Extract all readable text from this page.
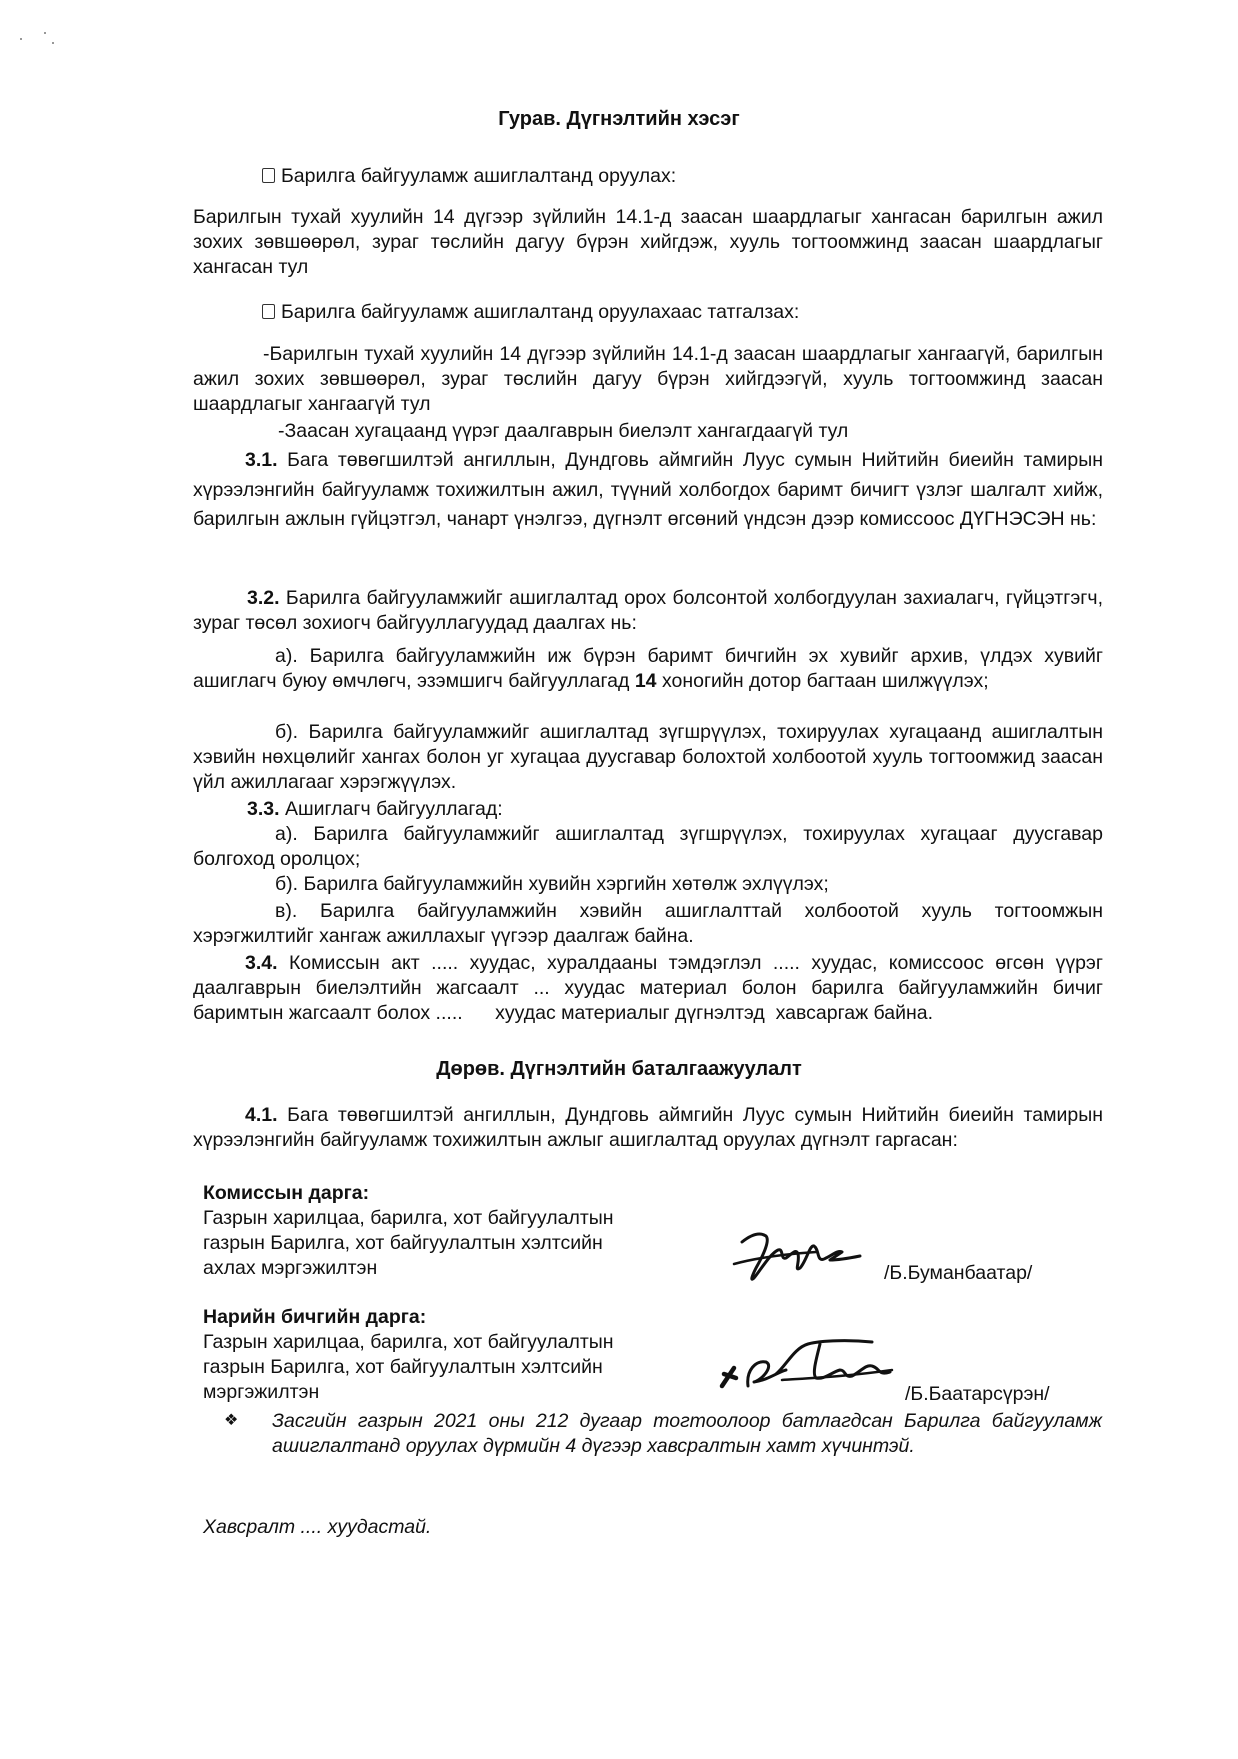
Гурав. Дүгнэлтийн хэсэг
Барилга байгууламж ашиглалтанд оруулах:
Барилгын тухай хуулийн 14 дүгээр зүйлийн 14.1-д заасан шаардлагыг хангасан барилгын ажил зохих зөвшөөрөл, зураг төслийн дагуу бүрэн хийгдэж, хууль тогтоомжинд заасан шаардлагыг хангасан тул
Барилга байгууламж ашиглалтанд оруулахаас татгалзах:
-Барилгын тухай хуулийн 14 дүгээр зүйлийн 14.1-д заасан шаардлагыг хангаагүй, барилгын ажил зохих зөвшөөрөл, зураг төслийн дагуу бүрэн хийгдээгүй, хууль тогтоомжинд заасан шаардлагыг хангаагүй тул
-Заасан хугацаанд үүрэг даалгаврын биелэлт хангагдаагүй тул
3.1. Бага төвөгшилтэй ангиллын, Дундговь аймгийн Луус сумын Нийтийн биеийн тамирын хүрээлэнгийн байгууламж тохижилтын ажил, түүний холбогдох баримт бичигт үзлэг шалгалт хийж, барилгын ажлын гүйцэтгэл, чанарт үнэлгээ, дүгнэлт өгсөний үндсэн дээр комиссоос ДҮГНЭСЭН нь:
3.2. Барилга байгууламжийг ашиглалтад орох болсонтой холбогдуулан захиалагч, гүйцэтгэгч, зураг төсөл зохиогч байгууллагуудад даалгах нь:
а). Барилга байгууламжийн иж бүрэн баримт бичгийн эх хувийг архив, үлдэх хувийг ашиглагч буюу өмчлөгч, эзэмшигч байгууллагад 14 хоногийн дотор багтаан шилжүүлэх;
б). Барилга байгууламжийг ашиглалтад зүгшрүүлэх, тохируулах хугацаанд ашиглалтын хэвийн нөхцөлийг хангах болон уг хугацаа дуусгавар болохтой холбоотой хууль тогтоомжид заасан үйл ажиллагааг хэрэгжүүлэх.
3.3. Ашиглагч байгууллагад:
а). Барилга байгууламжийг ашиглалтад зүгшрүүлэх, тохируулах хугацааг дуусгавар болгоход оролцох;
б). Барилга байгууламжийн хувийн хэргийн хөтөлж эхлүүлэх;
в). Барилга байгууламжийн хэвийн ашиглалттай холбоотой хууль тогтоомжын хэрэгжилтийг хангаж ажиллахыг үүгээр даалгаж байна.
3.4. Комиссын акт ..... хуудас, хуралдааны тэмдэглэл ..... хуудас, комиссоос өгсөн үүрэг даалгаврын биелэлтийн жагсаалт ... хуудас материал болон барилга байгууламжийн бичиг баримтын жагсаалт болох .....      хуудас материалыг дүгнэлтэд  хавсаргаж байна.
Дөрөв. Дүгнэлтийн баталгаажуулалт
4.1. Бага төвөгшилтэй ангиллын, Дундговь аймгийн Луус сумын Нийтийн биеийн тамирын хүрээлэнгийн байгууламж тохижилтын ажлыг ашиглалтад оруулах дүгнэлт гаргасан:
Комиссын дарга:
Газрын харилцаа, барилга, хот байгуулалтын
газрын Барилга, хот байгуулалтын хэлтсийн
ахлах мэргэжилтэн	/Б.Буманбаатар/
Нарийн бичгийн дарга:
Газрын харилцаа, барилга, хот байгуулалтын
газрын Барилга, хот байгуулалтын хэлтсийн
мэргэжилтэн	/Б.Баатарсүрэн/
❖ Засгийн газрын 2021 оны 212 дугаар тогтоолоор батлагдсан Барилга байгууламж ашиглалтанд оруулах дүрмийн 4 дүгээр хавсралтын хамт хүчинтэй.
Хавсралт .... хуудастай.
